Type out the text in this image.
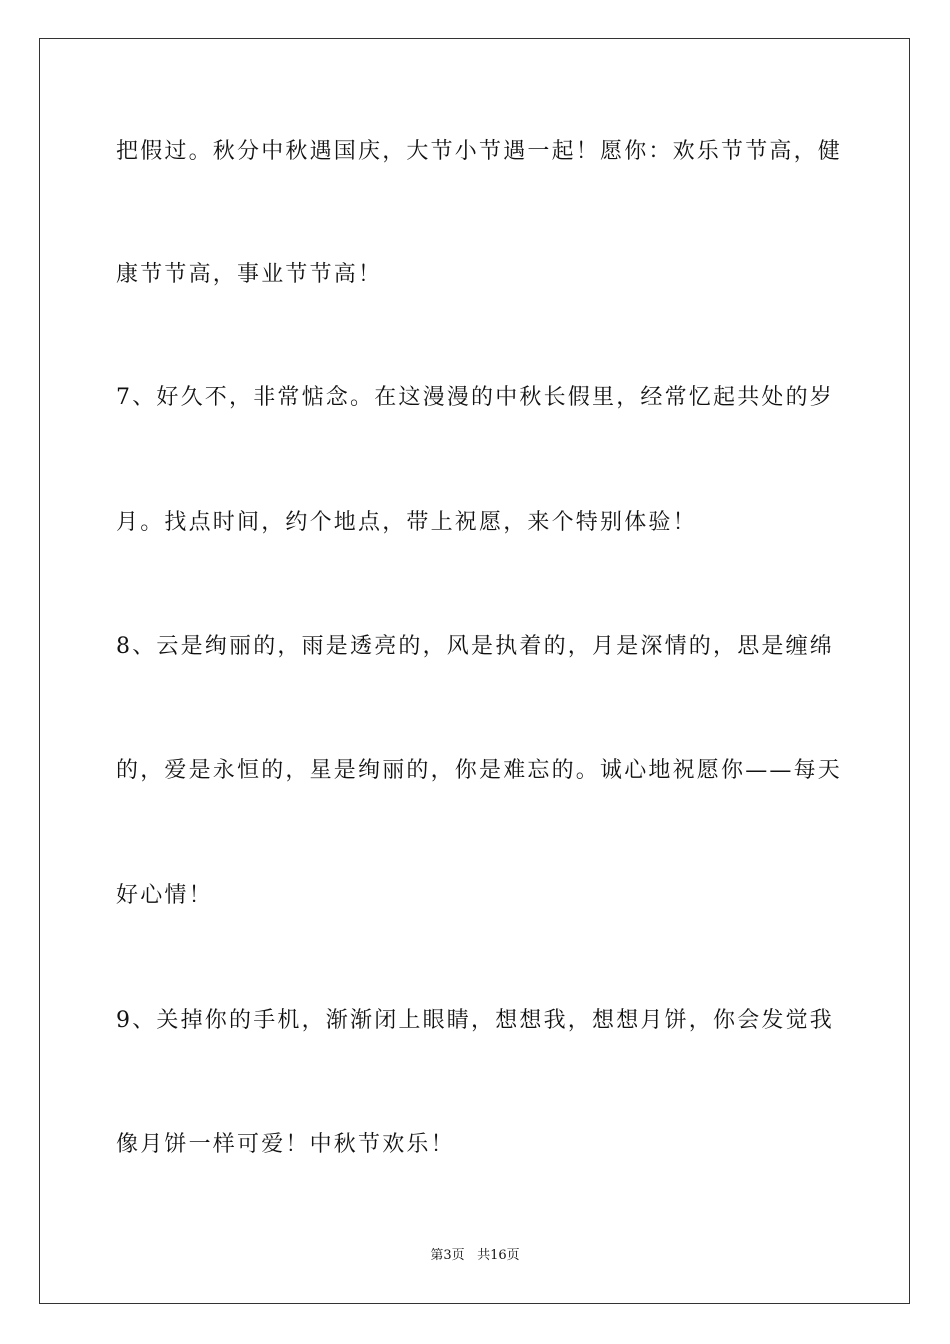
把假过。秋分中秋遇国庆，大节小节遇一起！愿你：欢乐节节高，健
康节节高，事业节节高！
7、好久不，非常惦念。在这漫漫的中秋长假里，经常忆起共处的岁
月。找点时间，约个地点，带上祝愿，来个特别体验！
8、云是绚丽的，雨是透亮的，风是执着的，月是深情的，思是缠绵
的，爱是永恒的，星是绚丽的，你是难忘的。诚心地祝愿你——每天
好心情！
9、关掉你的手机，渐渐闭上眼睛，想想我，想想月饼，你会发觉我
像月饼一样可爱！中秋节欢乐！
第3页 共16页
